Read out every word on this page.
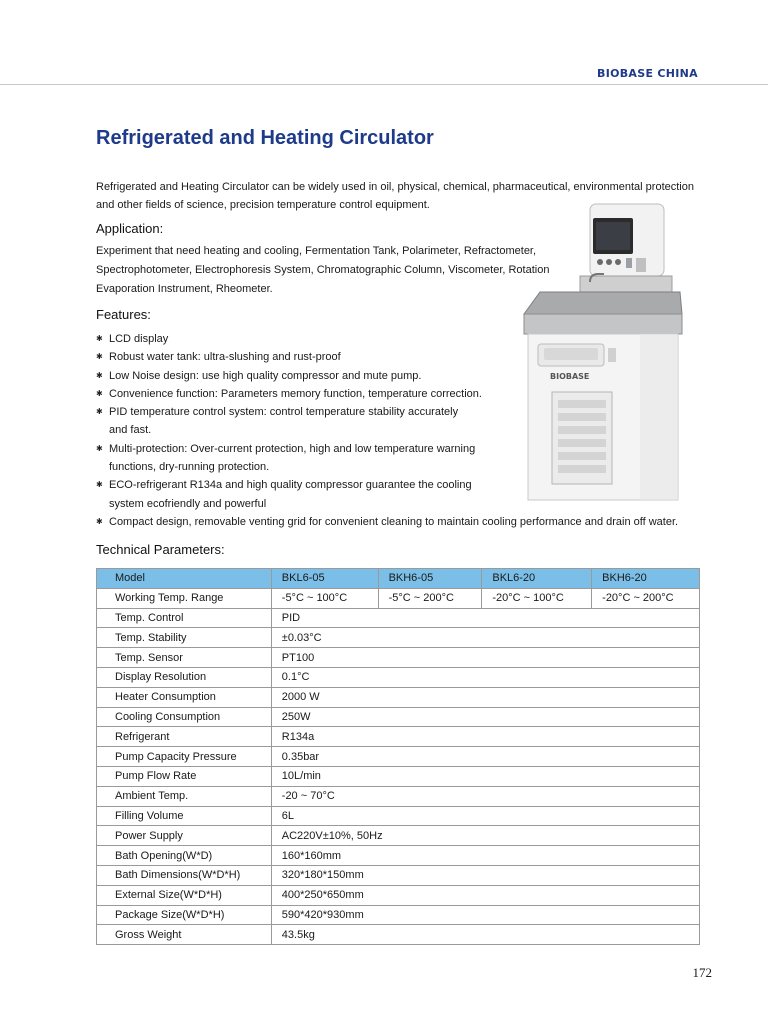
BIOBASE CHINA
Refrigerated and Heating Circulator

Refrigerated and Heating Circulator can be widely used in oil, physical, chemical, pharmaceutical, environmental protection and other fields of science, precision temperature control equipment.

Application:

Experiment that need heating and cooling, Fermentation Tank, Polarimeter, Refractometer, Spectrophotometer, Electrophoresis System, Chromatographic Column, Viscometer, Rotation Evaporation Instrument, Rheometer.

Features:
✱ LCD display
✱ Robust water tank: ultra-slushing and rust-proof
✱ Low Noise design: use high quality compressor and mute pump.
✱ Convenience function: Parameters memory function, temperature correction.
✱ PID temperature control system: control temperature stability accurately and fast.
✱ Multi-protection: Over-current protection, high and low temperature warning functions, dry-running protection.
✱ ECO-refrigerant R134a and high quality compressor guarantee the cooling system ecofriendly and powerful
✱ Compact design, removable venting grid for convenient cleaning to maintain cooling performance and drain off water.
BIOBASE
Technical Parameters:
Model	BKL6-05	BKH6-05	BKL6-20	BKH6-20
Working Temp. Range	-5°C ~ 100°C	-5°C ~ 200°C	-20°C ~ 100°C	-20°C ~ 200°C
Temp. Control	PID			
Temp. Stability	±0.03°C			
Temp. Sensor	PT100			
Display Resolution	0.1°C			
Heater Consumption	2000 W			
Cooling Consumption	250W			
Refrigerant	R134a			
Pump Capacity Pressure	0.35bar			
Pump Flow Rate	10L/min			
Ambient Temp.	-20 ~ 70°C			
Filling Volume	6L			
Power Supply	AC220V±10%, 50Hz			
Bath Opening(W*D)	160*160mm			
Bath Dimensions(W*D*H)	320*180*150mm			
External Size(W*D*H)	400*250*650mm			
Package Size(W*D*H)	590*420*930mm			
Gross Weight	43.5kg			
172
